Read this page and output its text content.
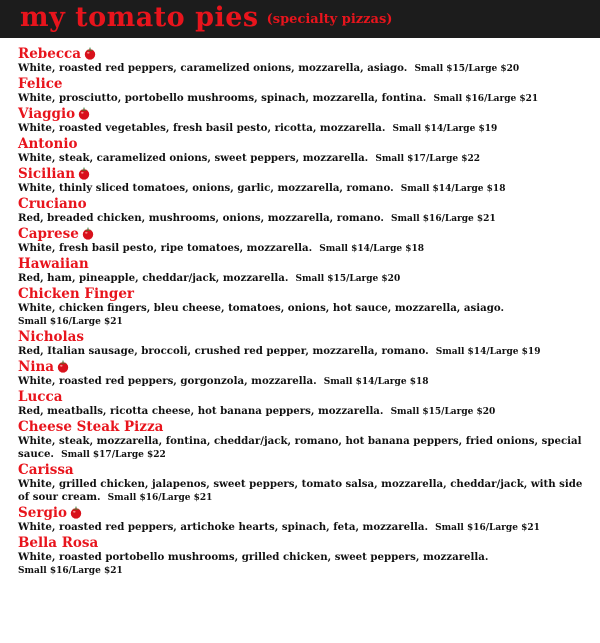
my tomato pies (specialty pizzas)
Rebecca
White, roasted red peppers, caramelized onions, mozzarella, asiago. Small $15/Large $20
Felice
White, prosciutto, portobello mushrooms, spinach, mozzarella, fontina. Small $16/Large $21
Viaggio
White, roasted vegetables, fresh basil pesto, ricotta, mozzarella. Small $14/Large $19
Antonio
White, steak, caramelized onions, sweet peppers, mozzarella. Small $17/Large $22
Sicilian
White, thinly sliced tomatoes, onions, garlic, mozzarella, romano. Small $14/Large $18
Cruciano
Red, breaded chicken, mushrooms, onions, mozzarella, romano. Small $16/Large $21
Caprese
White, fresh basil pesto, ripe tomatoes, mozzarella. Small $14/Large $18
Hawaiian
Red, ham, pineapple, cheddar/jack, mozzarella. Small $15/Large $20
Chicken Finger
White, chicken fingers, bleu cheese, tomatoes, onions, hot sauce, mozzarella, asiago.  Small $16/Large $21
Nicholas
Red, Italian sausage, broccoli, crushed red pepper, mozzarella, romano. Small $14/Large $19
Nina
White, roasted red peppers, gorgonzola, mozzarella. Small $14/Large $18
Lucca
Red, meatballs, ricotta cheese, hot banana peppers, mozzarella. Small $15/Large $20
Cheese Steak Pizza
White, steak, mozzarella, fontina, cheddar/jack, romano, hot banana peppers, fried onions, special sauce. Small $17/Large $22
Carissa
White, grilled chicken, jalapenos, sweet peppers, tomato salsa, mozzarella, cheddar/jack, with side of sour cream. Small $16/Large $21
Sergio
White, roasted red peppers, artichoke hearts, spinach, feta, mozzarella. Small $16/Large $21
Bella Rosa
White, roasted portobello mushrooms, grilled chicken, sweet peppers, mozzarella.  Small $16/Large $21
